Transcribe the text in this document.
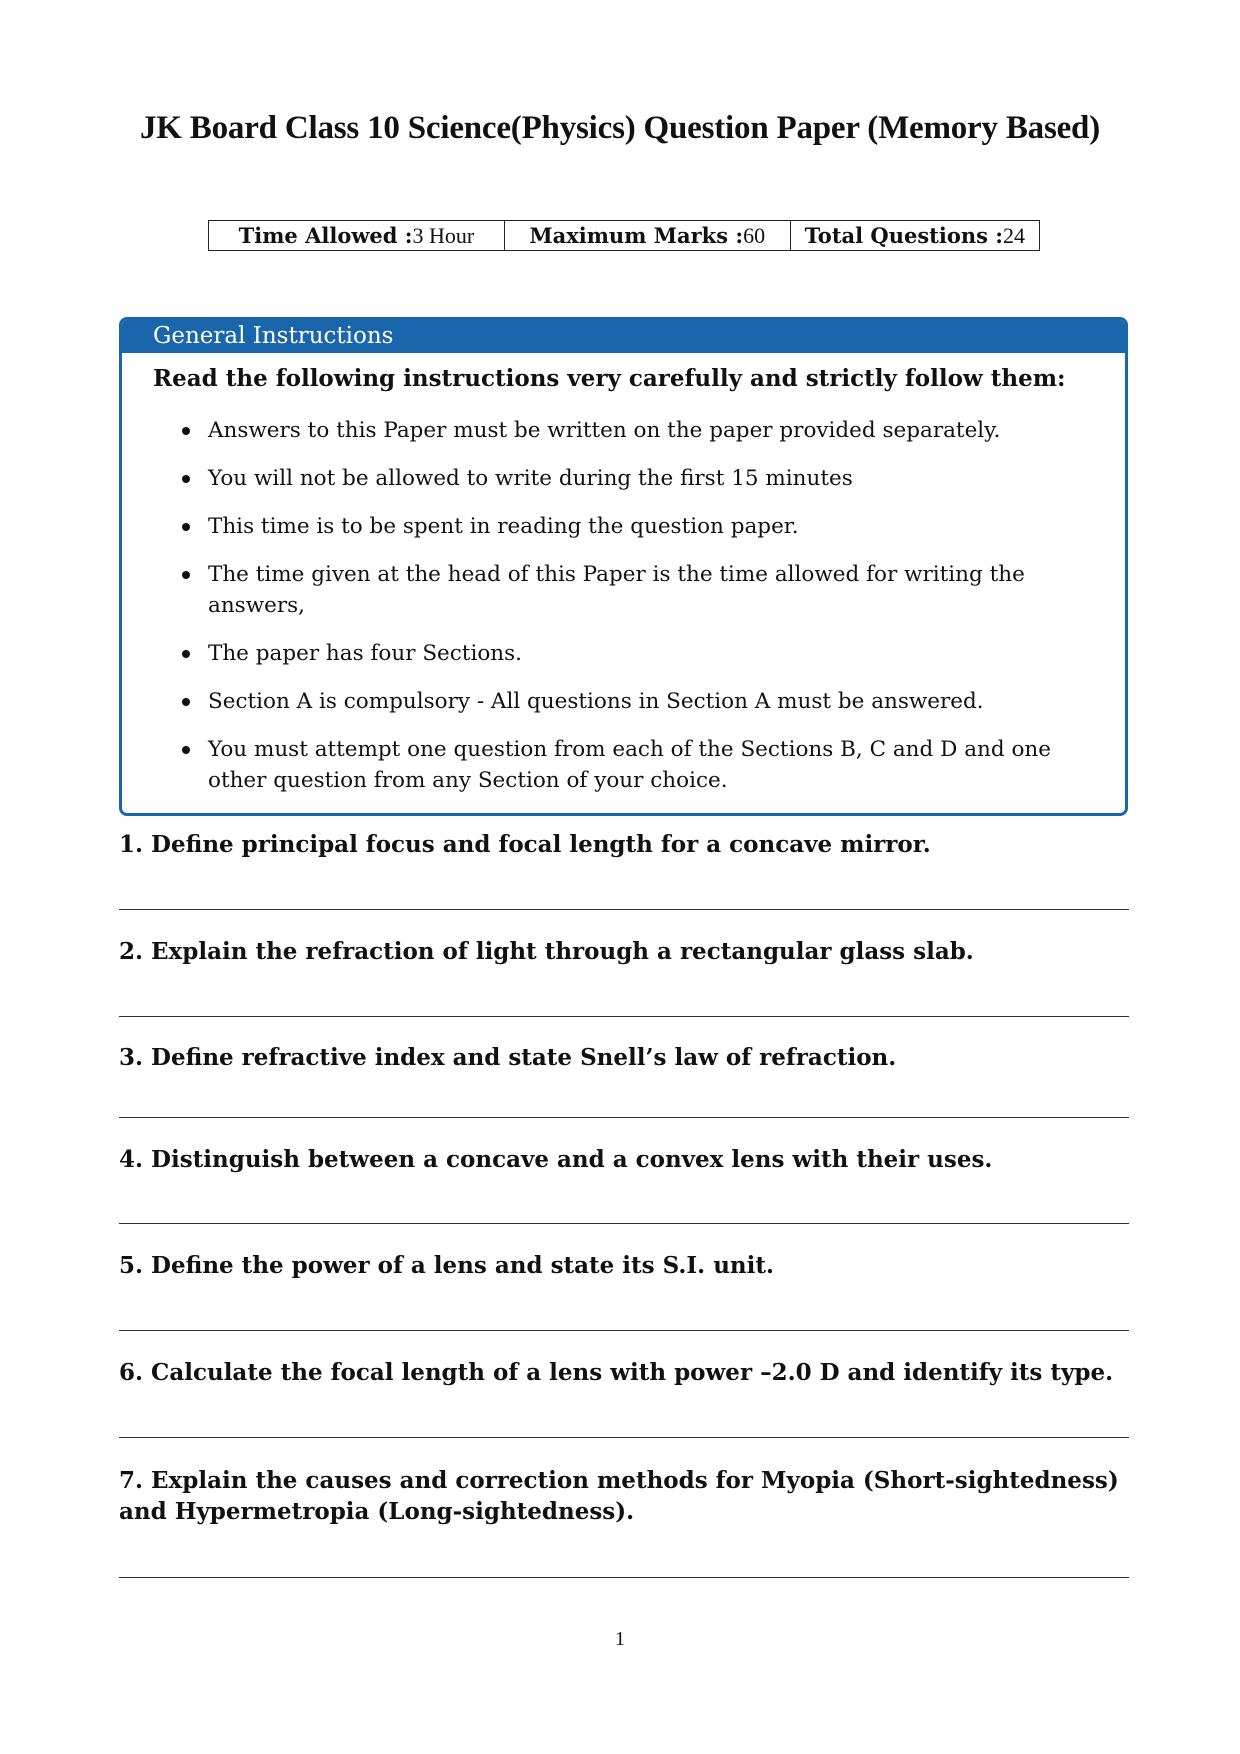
JK Board Class 10 Science(Physics) Question Paper (Memory Based)
Time Allowed : 3 Hour	Maximum Marks : 60 Total Questions : 24
General Instructions
Read the following instructions very carefully and strictly follow them:
Answers to this Paper must be written on the paper provided separately.
You will not be allowed to write during the first 15 minutes
This time is to be spent in reading the question paper.
The time given at the head of this Paper is the time allowed for writing the answers,
The paper has four Sections.
Section A is compulsory - All questions in Section A must be answered.
You must attempt one question from each of the Sections B, C and D and one other question from any Section of your choice.
1. Define principal focus and focal length for a concave mirror.
2. Explain the refraction of light through a rectangular glass slab.
3. Define refractive index and state Snell’s law of refraction.
4. Distinguish between a concave and a convex lens with their uses.
5. Define the power of a lens and state its S.I. unit.
6. Calculate the focal length of a lens with power –2.0 D and identify its type.
7. Explain the causes and correction methods for Myopia (Short-sightedness) and Hypermetropia (Long-sightedness).
1
